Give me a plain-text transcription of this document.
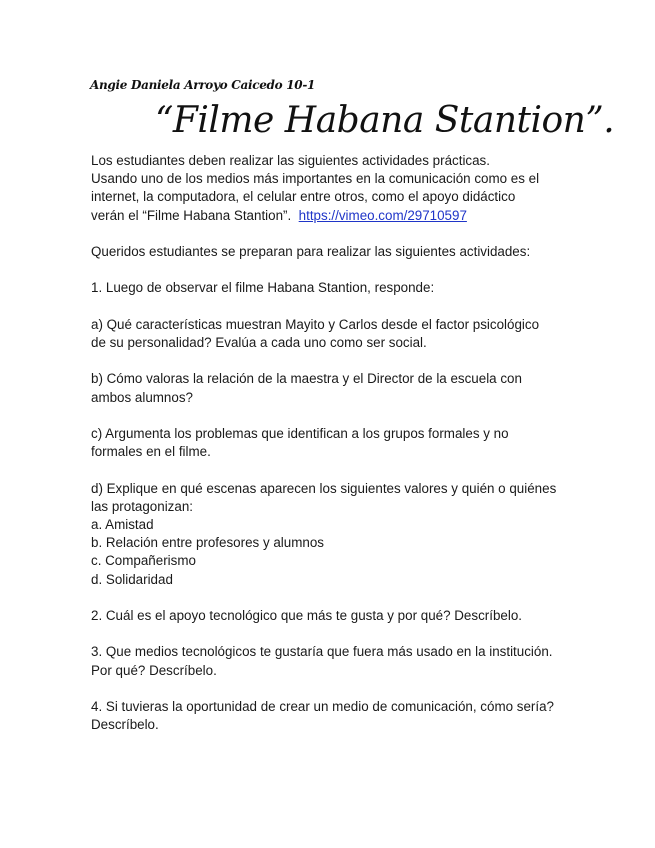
Angie Daniela Arroyo Caicedo 10-1
“Filme Habana Stantion”.

Los estudiantes deben realizar las siguientes actividades prácticas.

Usando uno de los medios más importantes en la comunicación como es el

internet, la computadora, el celular entre otros, como el apoyo didáctico

verán el “Filme Habana Stantion”. https://vimeo.com/29710597

Queridos estudiantes se preparan para realizar las siguientes actividades:

1. Luego de observar el filme Habana Stantion, responde:

a) Qué características muestran Mayito y Carlos desde el factor psicológico

de su personalidad? Evalúa a cada uno como ser social.

b) Cómo valoras la relación de la maestra y el Director de la escuela con

ambos alumnos?

c) Argumenta los problemas que identifican a los grupos formales y no

formales en el filme.

d) Explique en qué escenas aparecen los siguientes valores y quién o quiénes

las protagonizan:

a. Amistad

b. Relación entre profesores y alumnos

c. Compañerismo

d. Solidaridad

2. Cuál es el apoyo tecnológico que más te gusta y por qué? Descríbelo.

3. Que medios tecnológicos te gustaría que fuera más usado en la institución.

Por qué? Descríbelo.

4. Si tuvieras la oportunidad de crear un medio de comunicación, cómo sería?

Descríbelo.
